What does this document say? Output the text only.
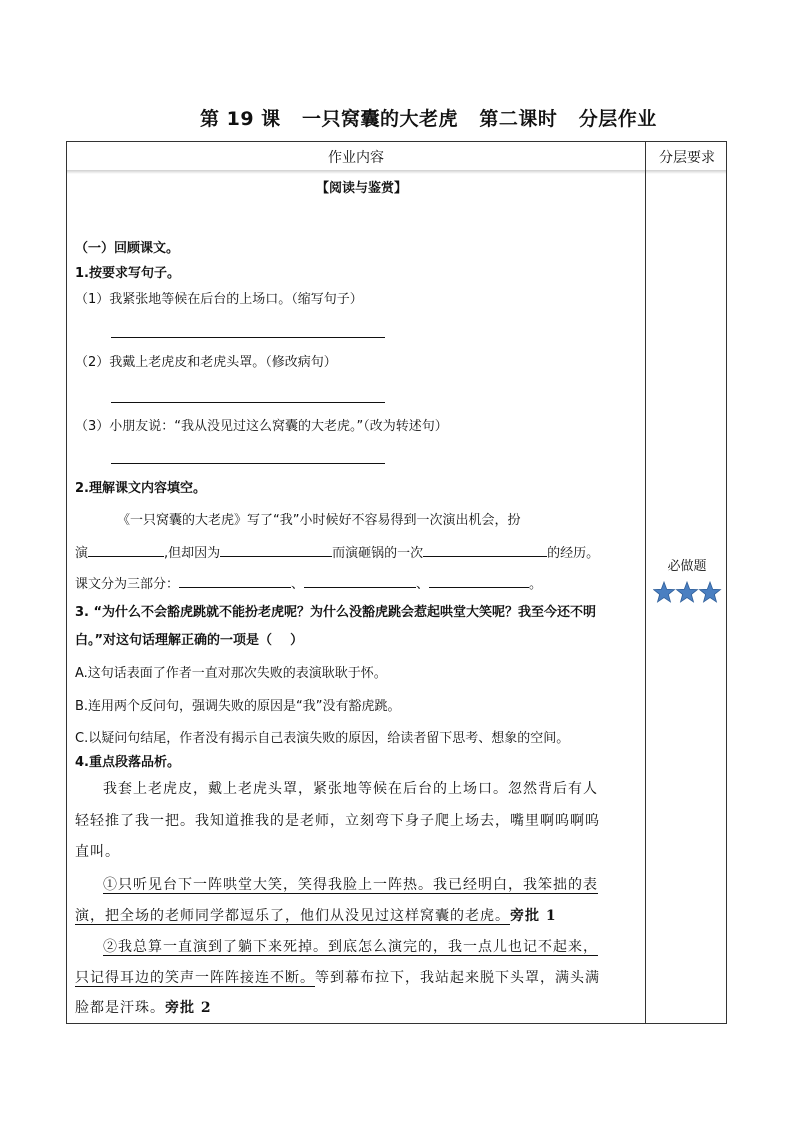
第 19 课   一只窝囊的大老虎   第二课时   分层作业
作业内容	分层要求
【阅读与鉴赏】
（一）回顾课文。
1.按要求写句子。
（1）我紧张地等候在后台的上场口。（缩写句子）
（2）我戴上老虎皮和老虎头罩。（修改病句）
（3）小朋友说：“我从没见过这么窝囊的大老虎。”（改为转述句）
2.理解课文内容填空。
《一只窝囊的大老虎》写了“我”小时候好不容易得到一次演出机会，扮
演	,但却因为	而演砸锅的一次	的经历。
课文分为三部分：	、	、	。
3. “为什么不会豁虎跳就不能扮老虎呢？为什么没豁虎跳会惹起哄堂大笑呢？我至今还不明
白。”对这句话理解正确的一项是（    ）
A.这句话表面了作者一直对那次失败的表演耿耿于怀。
B.连用两个反问句，强调失败的原因是“我”没有豁虎跳。
C.以疑问句结尾，作者没有揭示自己表演失败的原因，给读者留下思考、想象的空间。
4.重点段落品析。
我套上老虎皮，戴上老虎头罩，紧张地等候在后台的上场口。忽然背后有人
轻轻推了我一把。我知道推我的是老师，立刻弯下身子爬上场去，嘴里啊呜啊呜
直叫。
①只听见台下一阵哄堂大笑，笑得我脸上一阵热。我已经明白，我笨拙的表
演，把全场的老师同学都逗乐了，他们从没见过这样窝囊的老虎。旁批 1
②我总算一直演到了躺下来死掉。到底怎么演完的，我一点儿也记不起来，
只记得耳边的笑声一阵阵接连不断。等到幕布拉下，我站起来脱下头罩，满头满
脸都是汗珠。旁批 2
必做题
